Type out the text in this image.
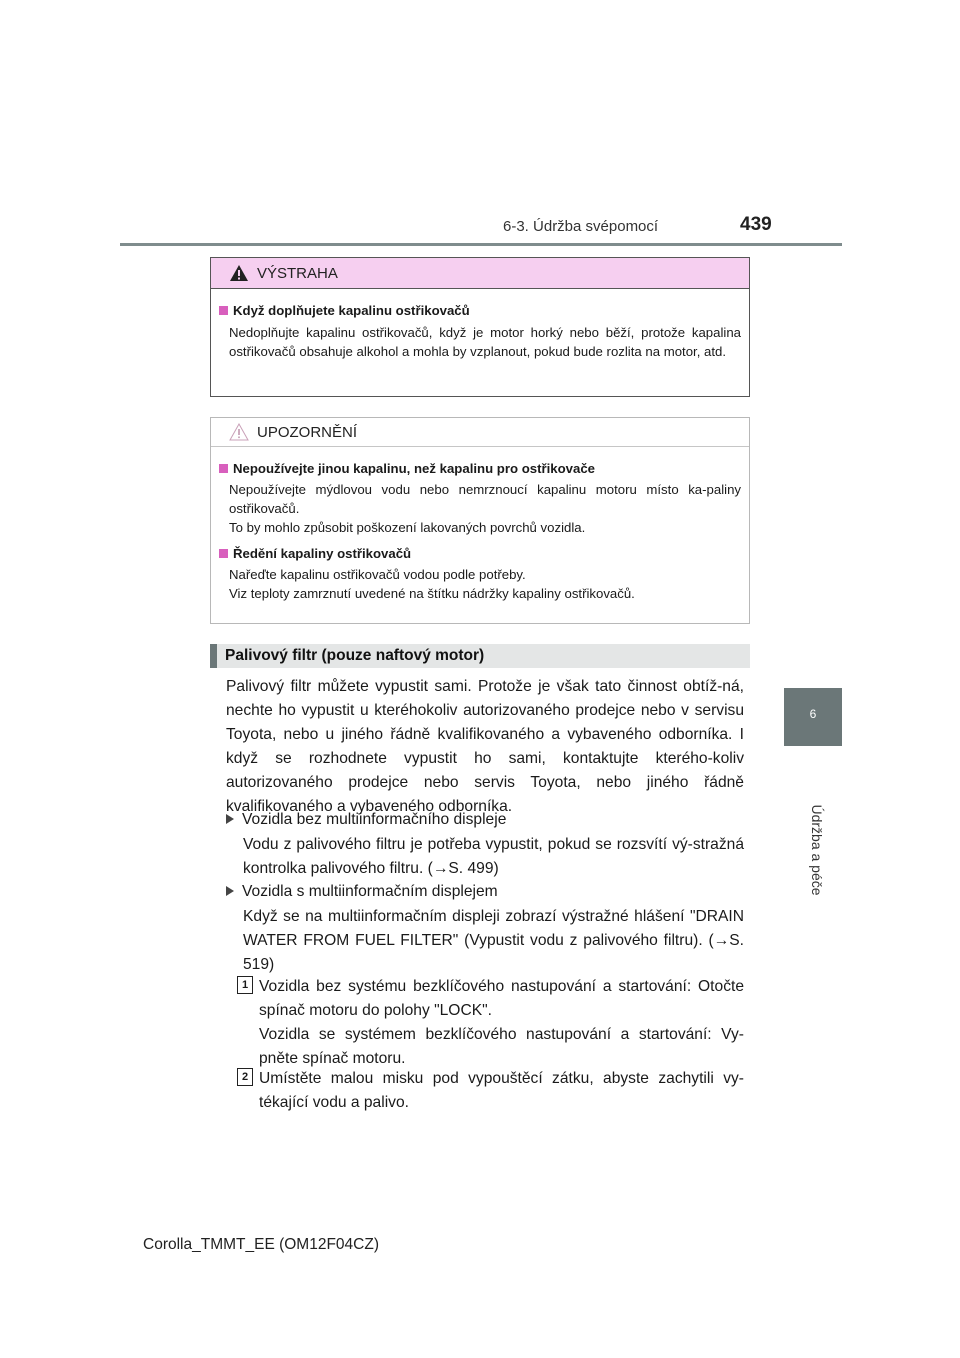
6-3. Údržba svépomocí	439
6
Údržba a péče
VÝSTRAHA
Když doplňujete kapalinu ostřikovačů
Nedoplňujte kapalinu ostřikovačů, když je motor horký nebo běží, protože kapalina ostřikovačů obsahuje alkohol a mohla by vzplanout, pokud bude rozlita na motor, atd.
UPOZORNĚNÍ
Nepoužívejte jinou kapalinu, než kapalinu pro ostřikovače
Nepoužívejte mýdlovou vodu nebo nemrznoucí kapalinu motoru místo ka-paliny ostřikovačů.
To by mohlo způsobit poškození lakovaných povrchů vozidla.
Ředění kapaliny ostřikovačů
Nařeďte kapalinu ostřikovačů vodou podle potřeby.
Viz teploty zamrznutí uvedené na štítku nádržky kapaliny ostřikovačů.
Palivový filtr (pouze naftový motor)
Palivový filtr můžete vypustit sami. Protože je však tato činnost obtíž-ná, nechte ho vypustit u kteréhokoliv autorizovaného prodejce nebo v servisu Toyota, nebo u jiného řádně kvalifikovaného a vybaveného odborníka. I když se rozhodnete vypustit ho sami, kontaktujte kterého-koliv autorizovaného prodejce nebo servis Toyota, nebo jiného řádně kvalifikovaného a vybaveného odborníka.
Vozidla bez multiinformačního displeje
Vodu z palivového filtru je potřeba vypustit, pokud se rozsvítí vý-stražná kontrolka palivového filtru. (→S. 499)
Vozidla s multiinformačním displejem
Když se na multiinformačním displeji zobrazí výstražné hlášení "DRAIN WATER FROM FUEL FILTER" (Vypustit vodu z palivového filtru). (→S. 519)
1 Vozidla bez systému bezklíčového nastupování a startování: Otočte spínač motoru do polohy "LOCK".
Vozidla se systémem bezklíčového nastupování a startování: Vy-pněte spínač motoru.
2 Umístěte malou misku pod vypouštěcí zátku, abyste zachytili vy-tékající vodu a palivo.
Corolla_TMMT_EE (OM12F04CZ)
